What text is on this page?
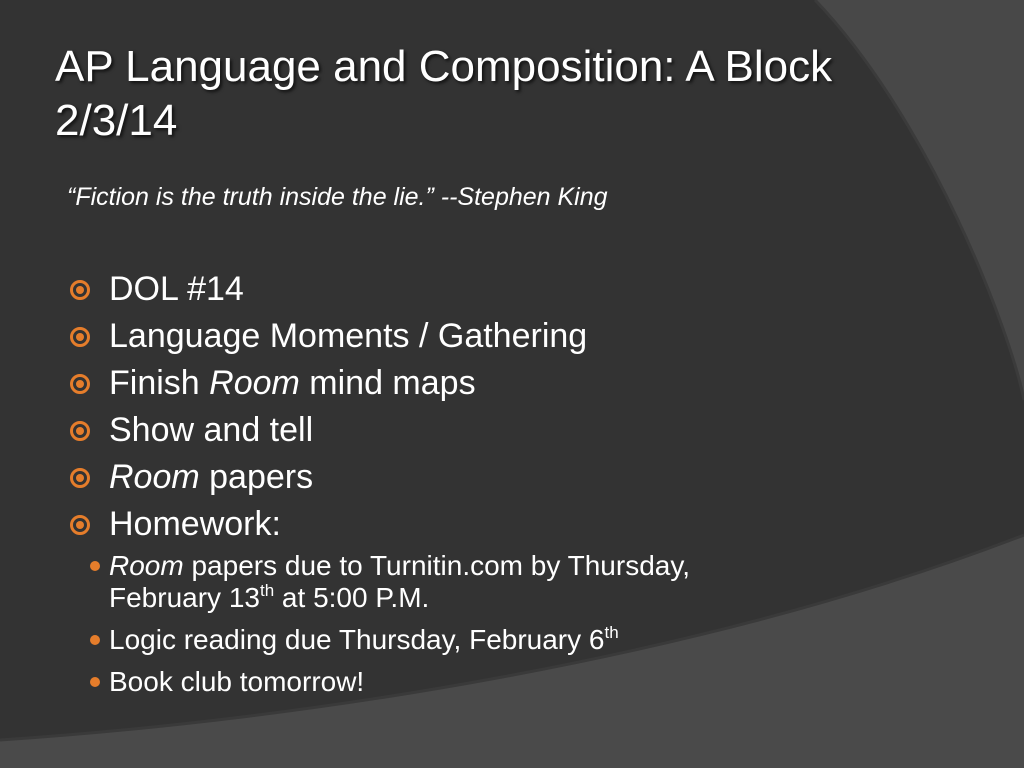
AP Language and Composition: A Block
2/3/14

“Fiction is the truth inside the lie.” --Stephen King

DOL #14
Language Moments / Gathering
Finish Room mind maps
Show and tell
Room papers
Homework:
Room papers due to Turnitin.com by Thursday,
February 13th at 5:00 P.M.
Logic reading due Thursday, February 6th
Book club tomorrow!
